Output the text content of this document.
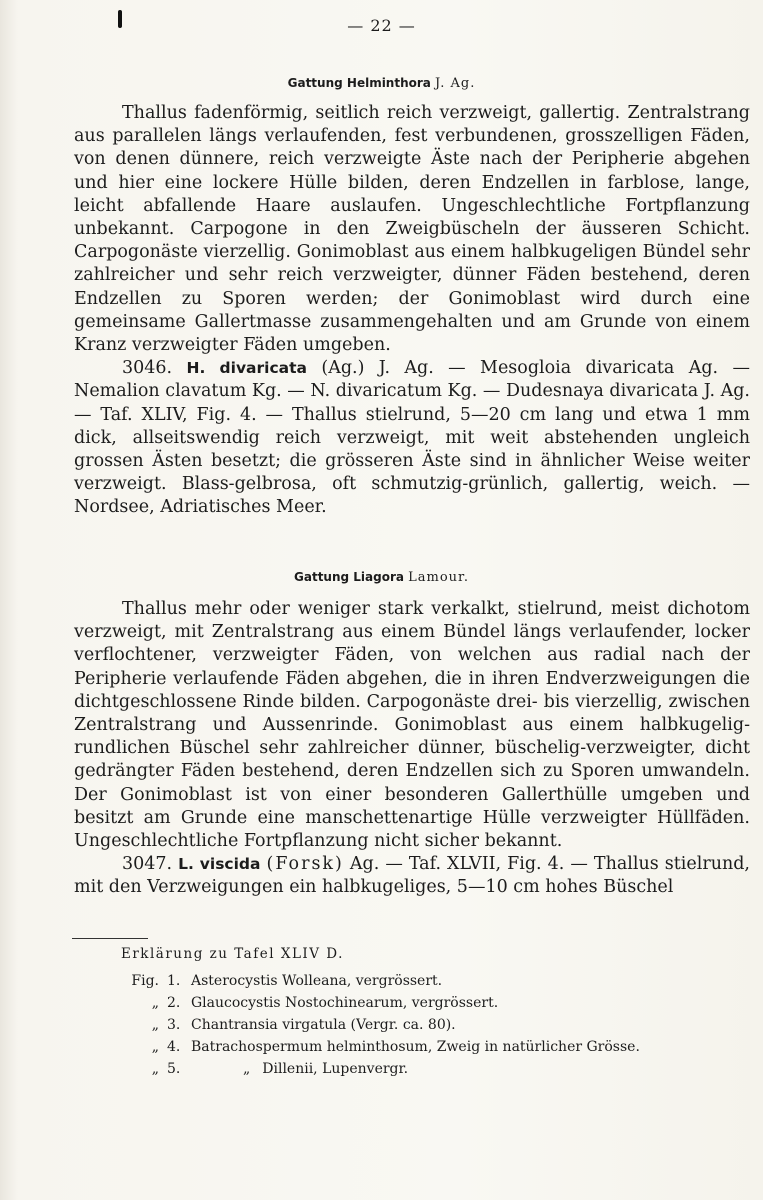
— 22 —
Gattung Helminthora J. Ag.

Thallus fadenförmig, seitlich reich verzweigt, gallertig. Zentralstrang aus parallelen längs verlaufenden, fest verbundenen, grosszelligen Fäden, von denen dünnere, reich verzweigte Äste nach der Peripherie abgehen und hier eine lockere Hülle bilden, deren Endzellen in farblose, lange, leicht abfallende Haare auslaufen. Ungeschlechtliche Fortpflanzung unbekannt. Carpogone in den Zweigbüscheln der äusseren Schicht. Carpogonäste vierzellig. Gonimoblast aus einem halbkugeligen Bündel sehr zahlreicher und sehr reich verzweigter, dünner Fäden bestehend, deren Endzellen zu Sporen werden; der Gonimoblast wird durch eine gemeinsame Gallertmasse zusammengehalten und am Grunde von einem Kranz verzweigter Fäden umgeben.

3046. H. divaricata (Ag.) J. Ag. — Mesogloia divaricata Ag. — Nemalion clavatum Kg. — N. divaricatum Kg. — Dudesnaya divaricata J. Ag. — Taf. XLIV, Fig. 4. — Thallus stielrund, 5—20 cm lang und etwa 1 mm dick, allseitswendig reich verzweigt, mit weit abstehenden ungleich grossen Ästen besetzt; die grösseren Äste sind in ähnlicher Weise weiter verzweigt. Blass-gelbrosa, oft schmutzig-grünlich, gallertig, weich. — Nordsee, Adriatisches Meer.

Gattung Liagora Lamour.

Thallus mehr oder weniger stark verkalkt, stielrund, meist dichotom verzweigt, mit Zentralstrang aus einem Bündel längs verlaufender, locker verflochtener, verzweigter Fäden, von welchen aus radial nach der Peripherie verlaufende Fäden abgehen, die in ihren Endverzweigungen die dichtgeschlossene Rinde bilden. Carpogonäste drei- bis vierzellig, zwischen Zentralstrang und Aussenrinde. Gonimoblast aus einem halbkugelig-rundlichen Büschel sehr zahlreicher dünner, büschelig-verzweigter, dicht gedrängter Fäden bestehend, deren Endzellen sich zu Sporen umwandeln. Der Gonimoblast ist von einer besonderen Gallerthülle umgeben und besitzt am Grunde eine manschettenartige Hülle verzweigter Hüllfäden. Ungeschlechtliche Fortpflanzung nicht sicher bekannt.

3047. L. viscida (Forsk) Ag. — Taf. XLVII, Fig. 4. — Thallus stielrund, mit den Verzweigungen ein halbkugeliges, 5—10 cm hohes Büschel

Erklärung zu Tafel XLIV D.
Fig. 1. Asterocystis Wolleana, vergrössert.
„ 2. Glaucocystis Nostochinearum, vergrössert.
„ 3. Chantransia virgatula (Vergr. ca. 80).
„ 4. Batrachospermum helminthosum, Zweig in natürlicher Grösse.
„ 5.	„ Dillenii, Lupenvergr.
